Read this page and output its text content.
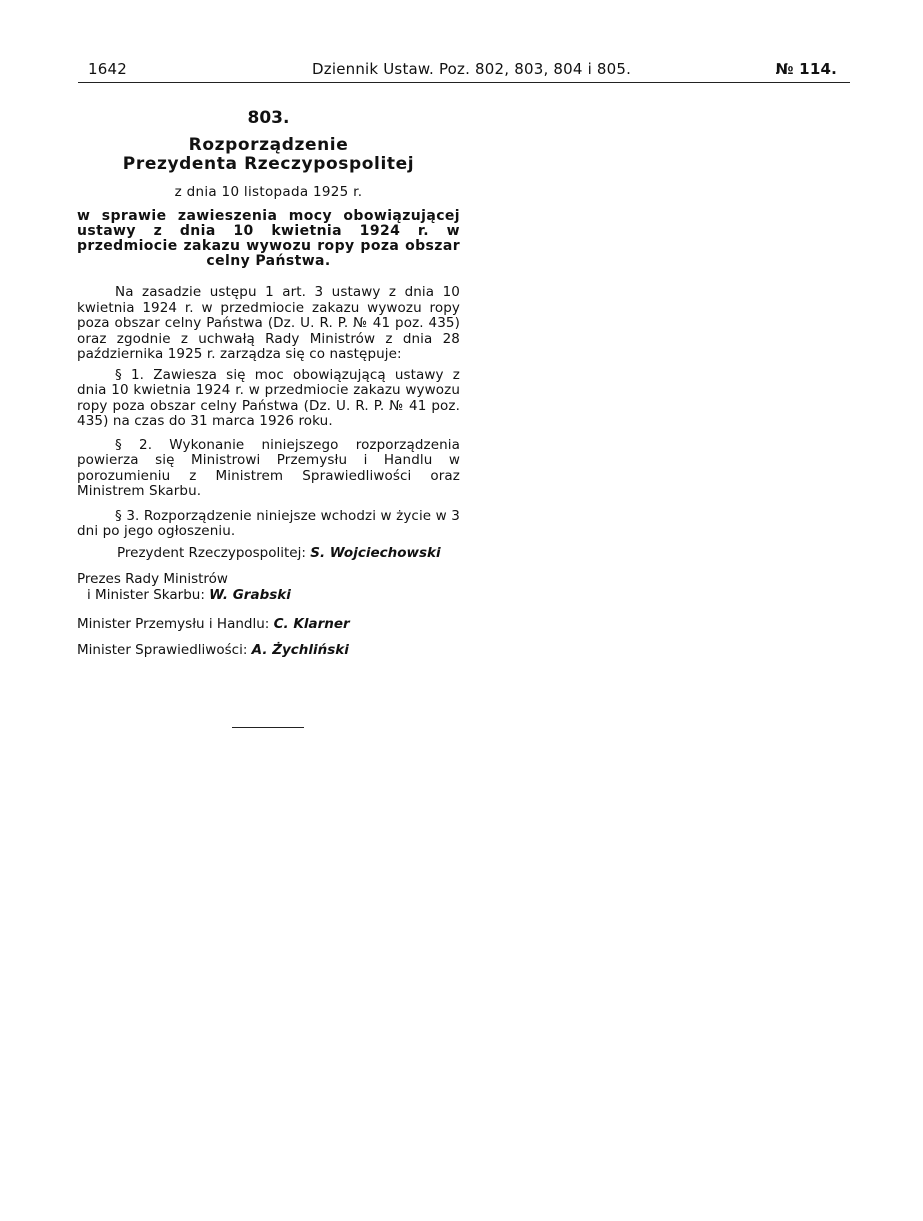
1642	Dziennik Ustaw. Poz. 802, 803, 804 i 805.	№ 114.
803.
Rozporządzenie
Prezydenta Rzeczypospolitej
z dnia 10 listopada 1925 r.
w sprawie zawieszenia mocy obowiązującej ustawy z dnia 10 kwietnia 1924 r. w przedmiocie zakazu wywozu ropy poza obszar celny Państwa.

Na zasadzie ustępu 1 art. 3 ustawy z dnia 10 kwietnia 1924 r. w przedmiocie zakazu wywozu ropy poza obszar celny Państwa (Dz. U. R. P. № 41 poz. 435) oraz zgodnie z uchwałą Rady Ministrów z dnia 28 października 1925 r. zarządza się co następuje:

§ 1. Zawiesza się moc obowiązującą ustawy z dnia 10 kwietnia 1924 r. w przedmiocie zakazu wywozu ropy poza obszar celny Państwa (Dz. U. R. P. № 41 poz. 435) na czas do 31 marca 1926 roku.

§ 2. Wykonanie niniejszego rozporządzenia powierza się Ministrowi Przemysłu i Handlu w porozumieniu z Ministrem Sprawiedliwości oraz Ministrem Skarbu.

§ 3. Rozporządzenie niniejsze wchodzi w życie w 3 dni po jego ogłoszeniu.

Prezydent Rzeczypospolitej: S. Wojciechowski

Prezes Rady Ministrów

i Minister Skarbu: W. Grabski

Minister Przemysłu i Handlu: C. Klarner

Minister Sprawiedliwości: A. Żychliński
